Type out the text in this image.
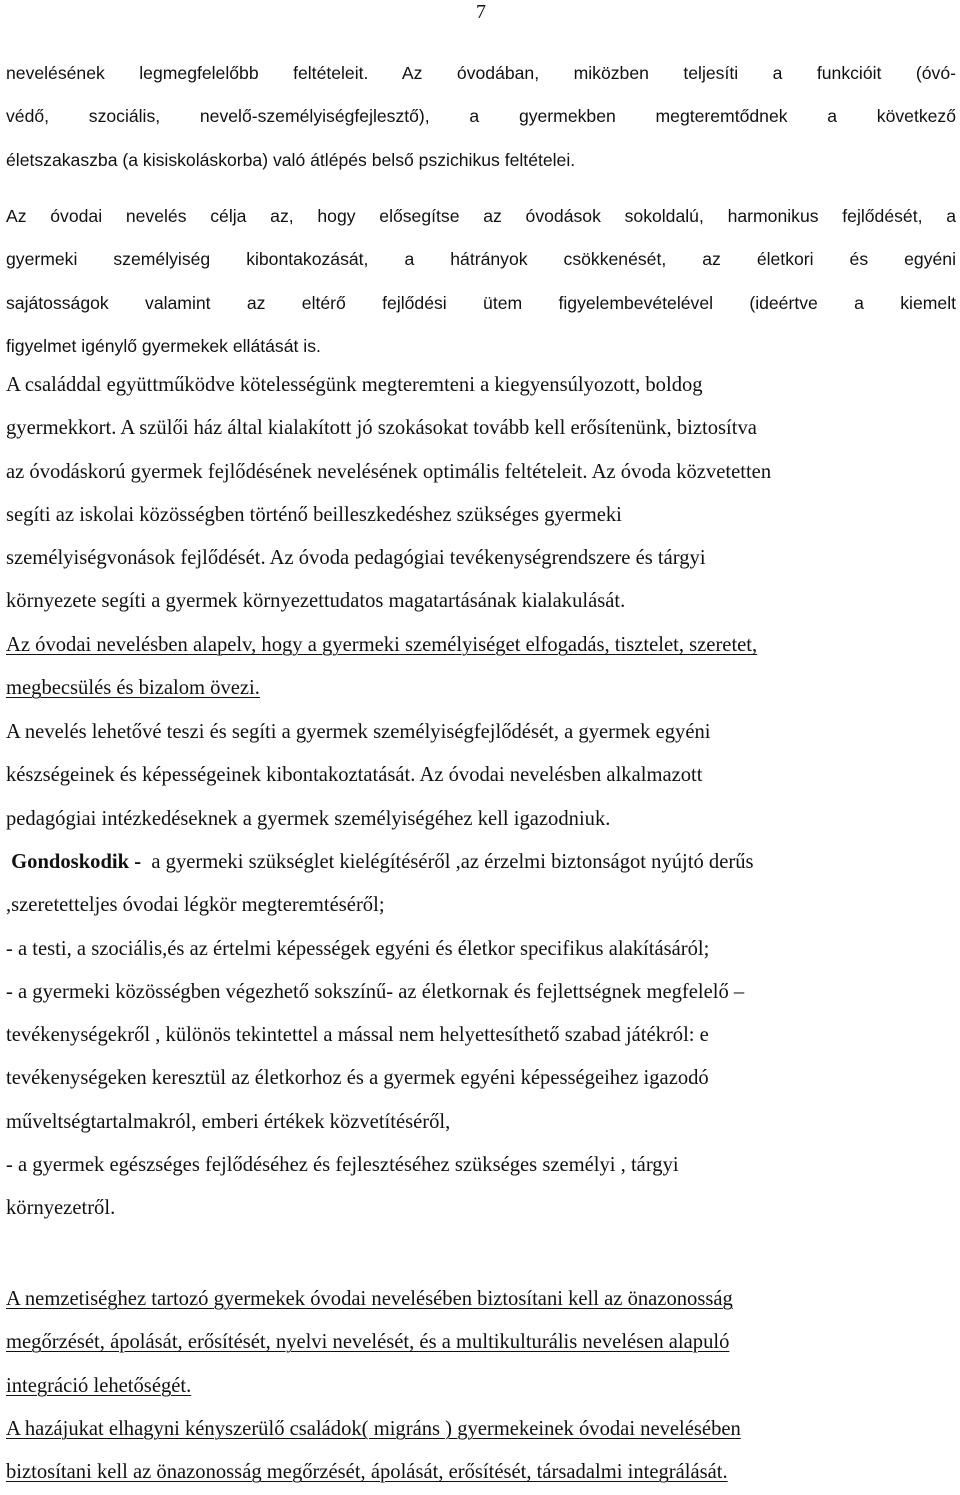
7
nevelésének legmegfelelőbb feltételeit. Az óvodában, miközben teljesíti a funkcióit (óvó-
védő, szociális, nevelő-személyiségfejlesztő), a gyermekben megteremtődnek a következő
életszakaszba (a kisiskoláskorba) való átlépés belső pszichikus feltételei.
Az óvodai nevelés célja az, hogy elősegítse az óvodások sokoldalú, harmonikus fejlődését, a
gyermeki személyiség kibontakozását, a hátrányok csökkenését, az életkori és egyéni
sajátosságok valamint az eltérő fejlődési ütem figyelembevételével (ideértve a kiemelt
figyelmet igénylő gyermekek ellátását is.
A családdal együttműködve kötelességünk megteremteni a kiegyensúlyozott, boldog
gyermekkort. A szülői ház által kialakított jó szokásokat tovább kell erősítenünk, biztosítva
az óvodáskorú gyermek fejlődésének nevelésének optimális feltételeit. Az óvoda közvetetten
segíti az iskolai közösségben történő beilleszkedéshez szükséges gyermeki
személyiségvonások fejlődését. Az óvoda pedagógiai tevékenységrendszere és tárgyi
környezete segíti a gyermek környezettudatos magatartásának kialakulását.
Az óvodai nevelésben alapelv, hogy a gyermeki személyiséget elfogadás, tisztelet, szeretet,
megbecsülés és bizalom övezi.
A nevelés lehetővé teszi és segíti a gyermek személyiségfejlődését, a gyermek egyéni
készségeinek és képességeinek kibontakoztatását. Az óvodai nevelésben alkalmazott
pedagógiai intézkedéseknek a gyermek személyiségéhez kell igazodniuk.
Gondoskodik - a gyermeki szükséglet kielégítéséről ,az érzelmi biztonságot nyújtó derűs
,szeretetteljes óvodai légkör megteremtéséről;
- a testi, a szociális,és az értelmi képességek egyéni és életkor specifikus alakításáról;
- a gyermeki közösségben végezhető sokszínű- az életkornak és fejlettségnek megfelelő –
tevékenységekről , különös tekintettel a mással nem helyettesíthető szabad játékról: e
tevékenységeken keresztül az életkorhoz és a gyermek egyéni képességeihez igazodó
műveltségtartalmakról, emberi értékek közvetítéséről,
- a gyermek egészséges fejlődéséhez és fejlesztéséhez szükséges személyi , tárgyi
környezetről.
A nemzetiséghez tartozó gyermekek óvodai nevelésében biztosítani kell az önazonosság
megőrzését, ápolását, erősítését, nyelvi nevelését, és a multikulturális nevelésen alapuló
integráció lehetőségét.
A hazájukat elhagyni kényszerülő családok( migráns ) gyermekeinek óvodai nevelésében
biztosítani kell az önazonosság megőrzését, ápolását, erősítését, társadalmi integrálását.
